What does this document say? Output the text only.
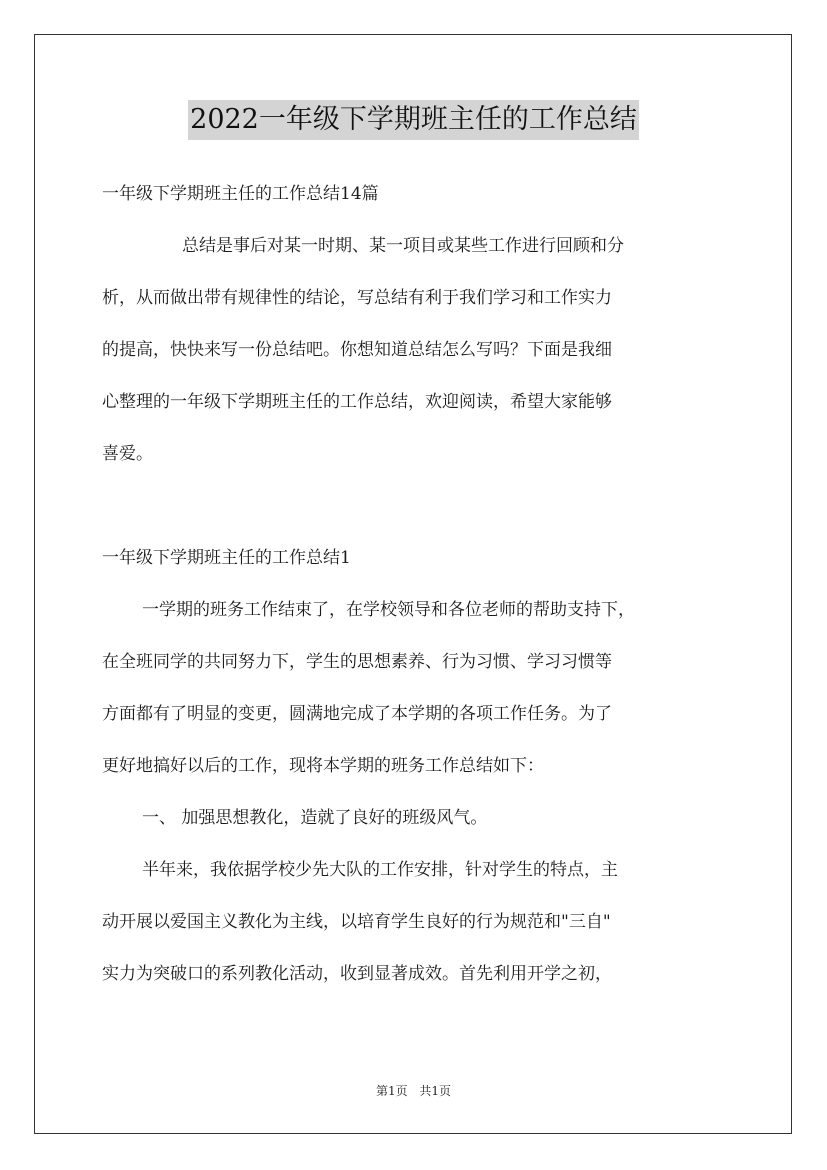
2022一年级下学期班主任的工作总结
一年级下学期班主任的工作总结14篇
总结是事后对某一时期、某一项目或某些工作进行回顾和分
析，从而做出带有规律性的结论，写总结有利于我们学习和工作实力
的提高，快快来写一份总结吧。你想知道总结怎么写吗？下面是我细
心整理的一年级下学期班主任的工作总结，欢迎阅读，希望大家能够
喜爱。
一年级下学期班主任的工作总结1
一学期的班务工作结束了，在学校领导和各位老师的帮助支持下，
在全班同学的共同努力下，学生的思想素养、行为习惯、学习习惯等
方面都有了明显的变更，圆满地完成了本学期的各项工作任务。为了
更好地搞好以后的工作，现将本学期的班务工作总结如下：
一、 加强思想教化，造就了良好的班级风气。
半年来，我依据学校少先大队的工作安排，针对学生的特点，主
动开展以爱国主义教化为主线，以培育学生良好的行为规范和"三自"
实力为突破口的系列教化活动，收到显著成效。首先利用开学之初，
第1页 共1页
